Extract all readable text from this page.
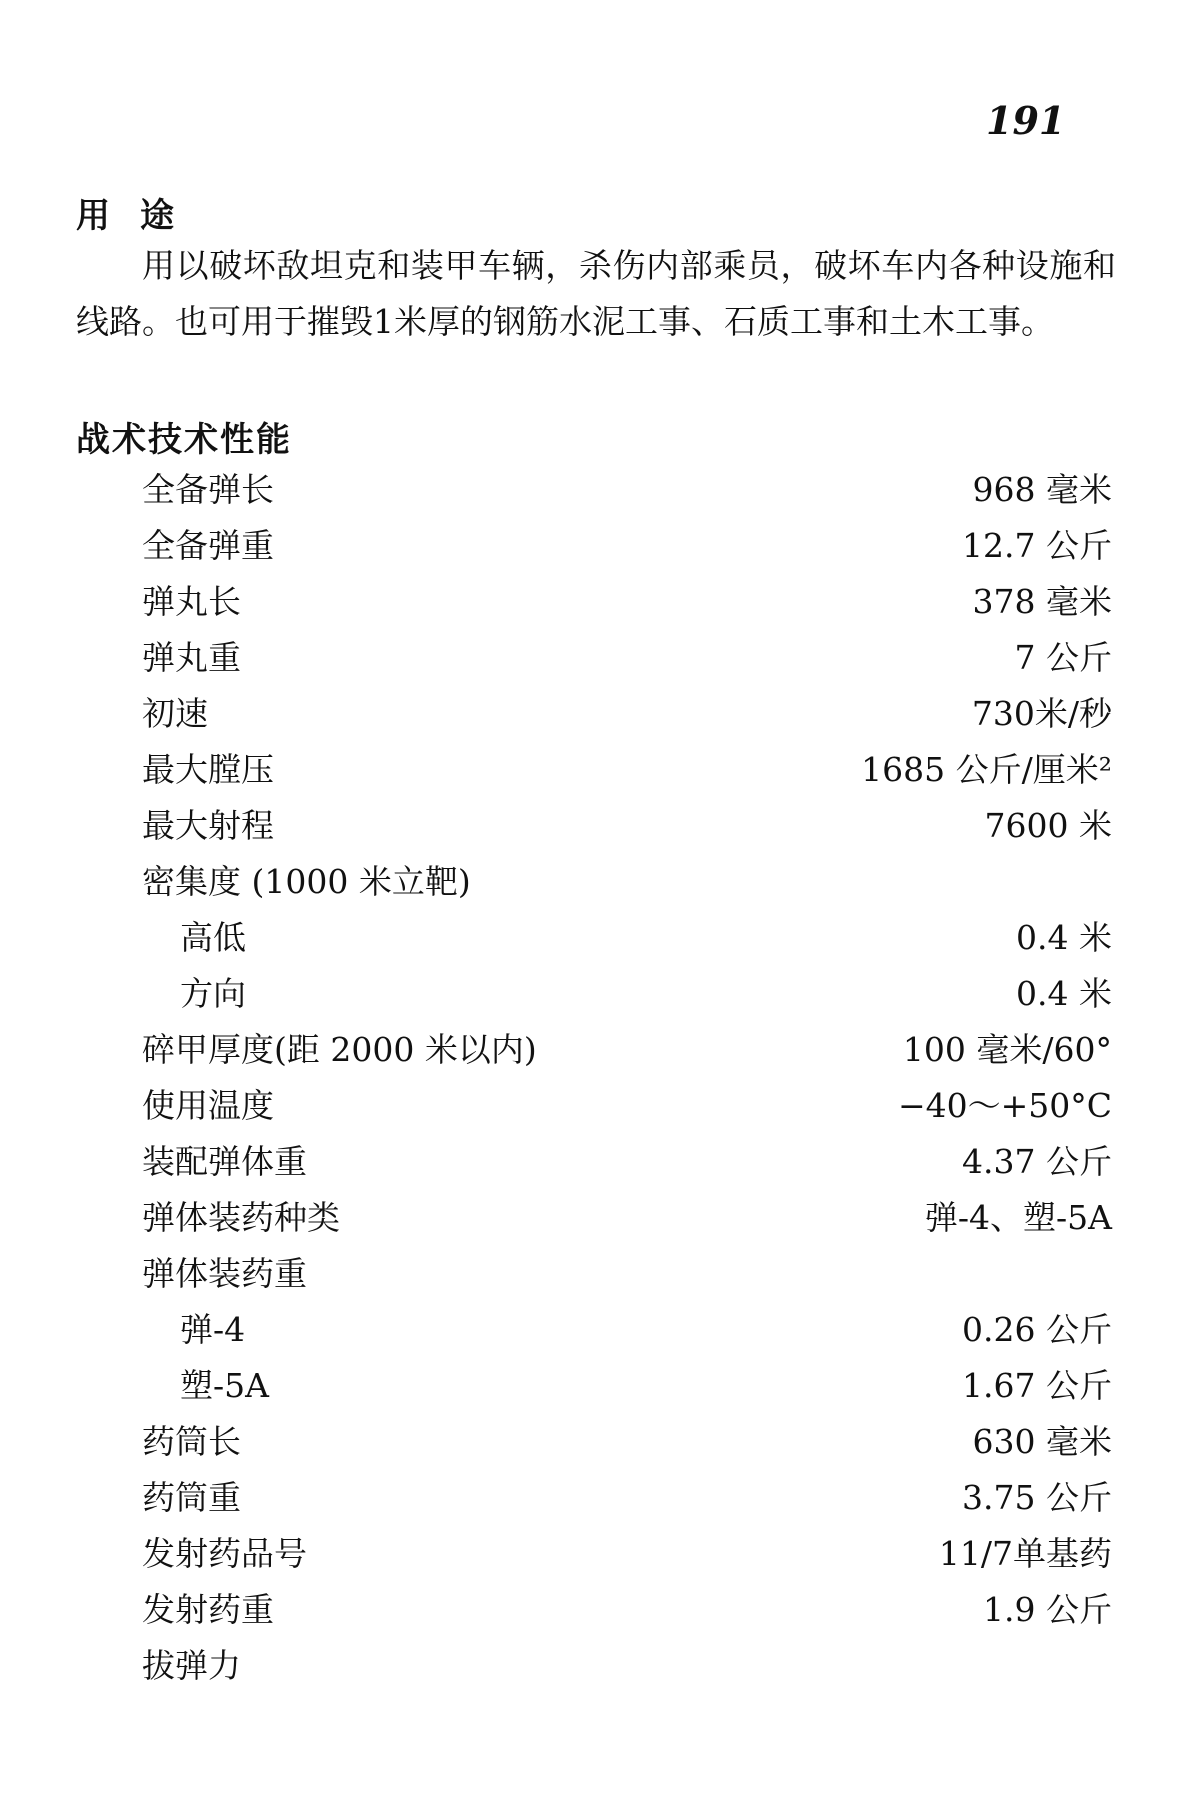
191
用途

用以破坏敌坦克和装甲车辆，杀伤内部乘员，破坏车内各种设施和线路。也可用于摧毁1米厚的钢筋水泥工事、石质工事和土木工事。

战术技术性能
全备弹长	968 毫米
全备弹重	12.7 公斤
弹丸长	378 毫米
弹丸重	7 公斤
初速	730米/秒
最大膛压	1685 公斤/厘米²
最大射程	7600 米
密集度 (1000 米立靶)
高低	0.4 米
方向	0.4 米
碎甲厚度(距 2000 米以内)	100 毫米/60°
使用温度	−40～+50°C
装配弹体重	4.37 公斤
弹体装药种类	弹-4、塑-5A
弹体装药重
弹-4	0.26 公斤
塑-5A	1.67 公斤
药筒长	630 毫米
药筒重	3.75 公斤
发射药品号	11/7单基药
发射药重	1.9 公斤
拔弹力
